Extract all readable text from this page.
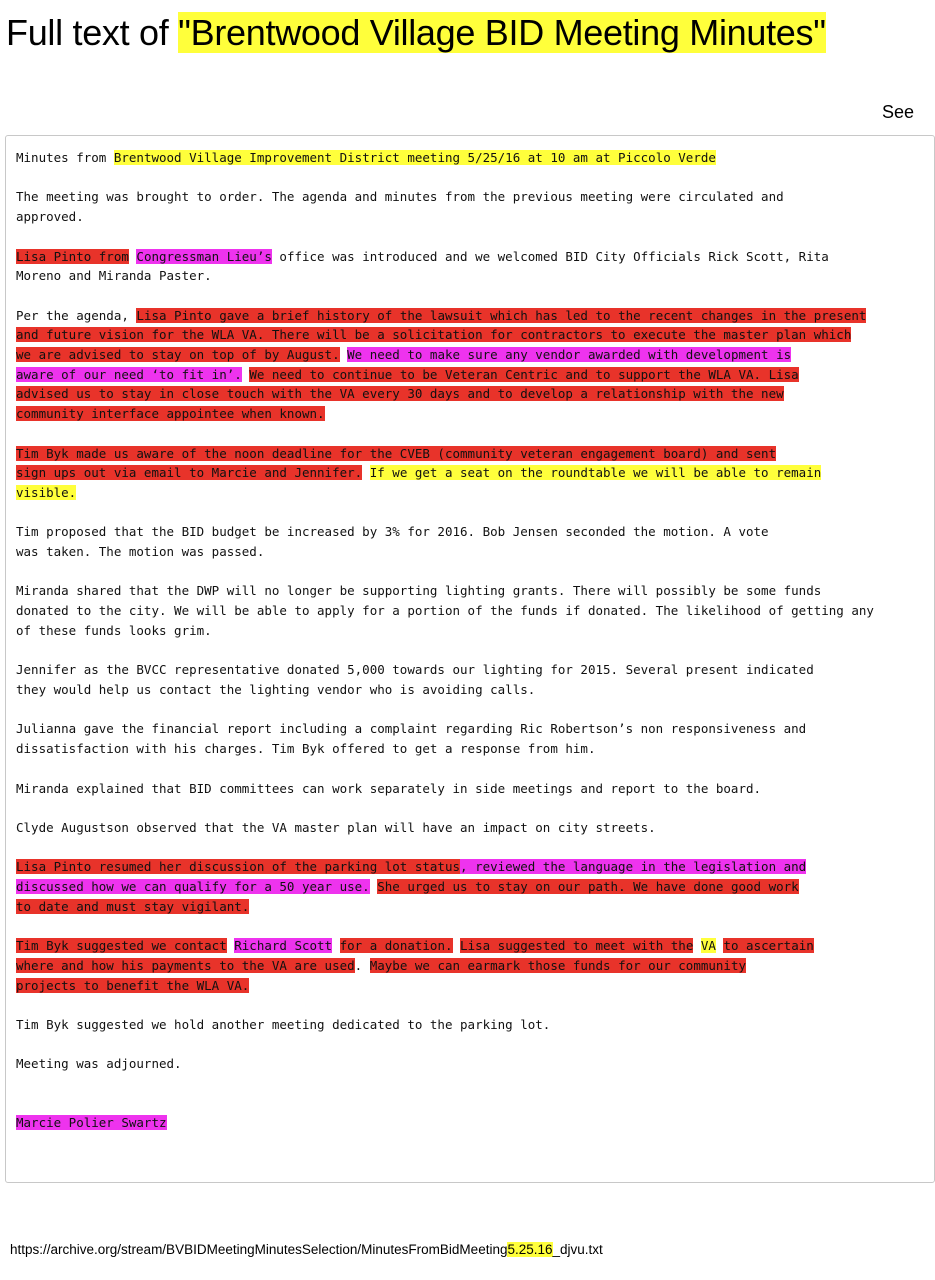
Full text of "Brentwood Village BID Meeting Minutes"
See
Minutes from Brentwood Village Improvement District meeting 5/25/16 at 10 am at Piccolo Verde

The meeting was brought to order. The agenda and minutes from the previous meeting were circulated and
approved.

Lisa Pinto from Congressman Lieu’s office was introduced and we welcomed BID City Officials Rick Scott, Rita
Moreno and Miranda Paster.

Per the agenda, Lisa Pinto gave a brief history of the lawsuit which has led to the recent changes in the present
and future vision for the WLA VA. There will be a solicitation for contractors to execute the master plan which
we are advised to stay on top of by August. We need to make sure any vendor awarded with development is
aware of our need ‘to fit in’. We need to continue to be Veteran Centric and to support the WLA VA. Lisa
advised us to stay in close touch with the VA every 30 days and to develop a relationship with the new
community interface appointee when known.

Tim Byk made us aware of the noon deadline for the CVEB (community veteran engagement board) and sent
sign ups out via email to Marcie and Jennifer. If we get a seat on the roundtable we will be able to remain
visible.

Tim proposed that the BID budget be increased by 3% for 2016. Bob Jensen seconded the motion. A vote
was taken. The motion was passed.

Miranda shared that the DWP will no longer be supporting lighting grants. There will possibly be some funds
donated to the city. We will be able to apply for a portion of the funds if donated. The likelihood of getting any
of these funds looks grim.

Jennifer as the BVCC representative donated 5,000 towards our lighting for 2015. Several present indicated
they would help us contact the lighting vendor who is avoiding calls.

Julianna gave the financial report including a complaint regarding Ric Robertson’s non responsiveness and
dissatisfaction with his charges. Tim Byk offered to get a response from him.

Miranda explained that BID committees can work separately in side meetings and report to the board.

Clyde Augustson observed that the VA master plan will have an impact on city streets.

Lisa Pinto resumed her discussion of the parking lot status, reviewed the language in the legislation and
discussed how we can qualify for a 50 year use. She urged us to stay on our path. We have done good work
to date and must stay vigilant.

Tim Byk suggested we contact Richard Scott for a donation. Lisa suggested to meet with the VA to ascertain
where and how his payments to the VA are used. Maybe we can earmark those funds for our community
projects to benefit the WLA VA.

Tim Byk suggested we hold another meeting dedicated to the parking lot.

Meeting was adjourned.

Marcie Polier Swartz
https://archive.org/stream/BVBIDMeetingMinutesSelection/MinutesFromBidMeeting5.25.16_djvu.txt
